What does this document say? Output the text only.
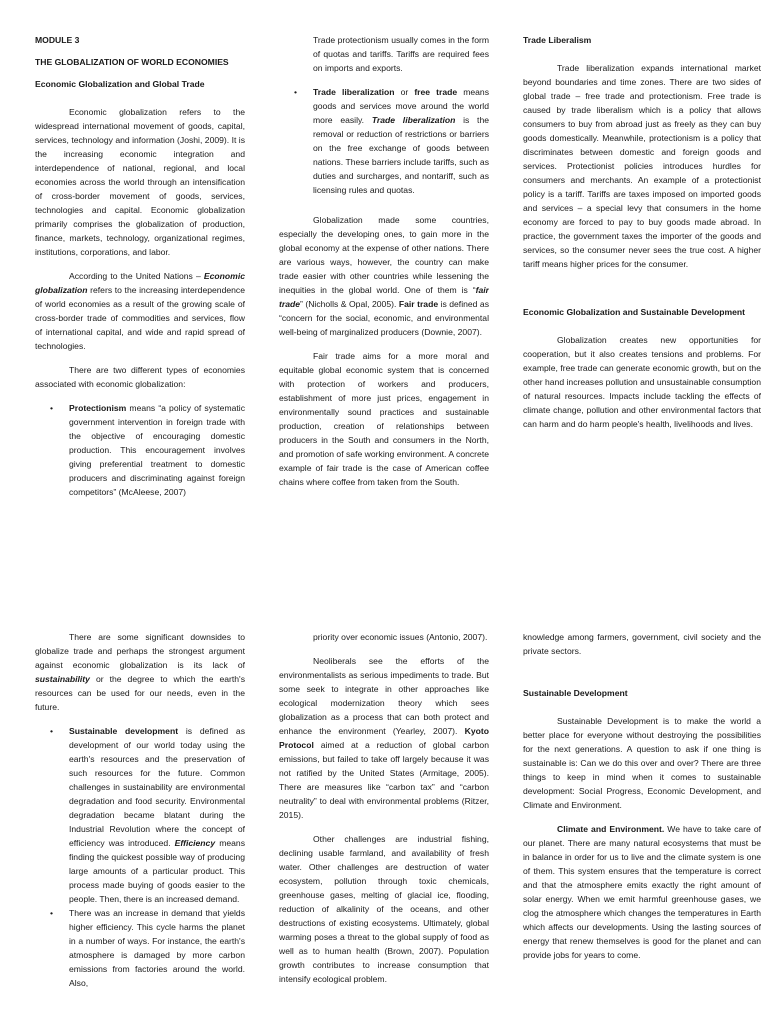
MODULE 3
THE GLOBALIZATION OF WORLD ECONOMIES
Economic Globalization and Global Trade

Economic globalization refers to the widespread international movement of goods, capital, services, technology and information (Joshi, 2009). It is the increasing economic integration and interdependence of national, regional, and local economies across the world through an intensification of cross-border movement of goods, services, technologies and capital. Economic globalization primarily comprises the globalization of production, finance, markets, technology, organizational regimes, institutions, corporations, and labor.

According to the United Nations – Economic globalization refers to the increasing interdependence of world economies as a result of the growing scale of cross-border trade of commodities and services, flow of international capital, and wide and rapid spread of technologies.

There are two different types of economies associated with economic globalization:

• Protectionism means “a policy of systematic government intervention in foreign trade with the objective of encouraging domestic production. This encouragement involves giving preferential treatment to domestic producers and discriminating against foreign competitors” (McAleese, 2007)

Trade protectionism usually comes in the form of quotas and tariffs. Tariffs are required fees on imports and exports.

• Trade liberalization or free trade means goods and services move around the world more easily. Trade liberalization is the removal or reduction of restrictions or barriers on the free exchange of goods between nations. These barriers include tariffs, such as duties and surcharges, and nontariff, such as licensing rules and quotas.

Globalization made some countries, especially the developing ones, to gain more in the global economy at the expense of other nations. There are various ways, however, the country can make trade easier with other countries while lessening the inequities in the global world. One of them is “fair trade” (Nicholls & Opal, 2005). Fair trade is defined as “concern for the social, economic, and environmental well-being of marginalized producers (Downie, 2007).

Fair trade aims for a more moral and equitable global economic system that is concerned with protection of workers and producers, establishment of more just prices, engagement in environmentally sound practices and sustainable production, creation of relationships between producers in the South and consumers in the North, and promotion of safe working environment. A concrete example of fair trade is the case of American coffee chains where coffee from taken from the South.

Trade Liberalism

Trade liberalization expands international market beyond boundaries and time zones. There are two sides of global trade – free trade and protectionism. Free trade is caused by trade liberalism which is a policy that allows consumers to buy from abroad just as freely as they can buy goods domestically. Meanwhile, protectionism is a policy that discriminates between domestic and foreign goods and services. Protectionist policies introduces hurdles for consumers and merchants. An example of a protectionist policy is a tariff. Tariffs are taxes imposed on imported goods and services – a special levy that consumers in the home economy are forced to pay to buy goods made abroad. In practice, the government taxes the importer of the goods and services, so the consumer never sees the true cost. A higher tariff means higher prices for the consumer.

Economic Globalization and Sustainable Development

Globalization creates new opportunities for cooperation, but it also creates tensions and problems. For example, free trade can generate economic growth, but on the other hand increases pollution and unsustainable consumption of natural resources. Impacts include tackling the effects of climate change, pollution and other environmental factors that can harm and do harm people's health, livelihoods and lives.

There are some significant downsides to globalize trade and perhaps the strongest argument against economic globalization is its lack of sustainability or the degree to which the earth's resources can be used for our needs, even in the future.

• Sustainable development is defined as development of our world today using the earth's resources and the preservation of such resources for the future. Common challenges in sustainability are environmental degradation and food security. Environmental degradation became blatant during the Industrial Revolution where the concept of efficiency was introduced. Efficiency means finding the quickest possible way of producing large amounts of a particular product. This process made buying of goods easier to the people. Then, there is an increased demand.
• There was an increase in demand that yields higher efficiency. This cycle harms the planet in a number of ways. For instance, the earth's atmosphere is damaged by more carbon emissions from factories around the world. Also,

priority over economic issues (Antonio, 2007).

Neoliberals see the efforts of the environmentalists as serious impediments to trade. But some seek to integrate in other approaches like ecological modernization theory which sees globalization as a process that can both protect and enhance the environment (Yearley, 2007). Kyoto Protocol aimed at a reduction of global carbon emissions, but failed to take off largely because it was not ratified by the United States (Armitage, 2005). There are measures like “carbon tax” and “carbon neutrality” to deal with environmental problems (Ritzer, 2015).

Other challenges are industrial fishing, declining usable farmland, and availability of fresh water. Other challenges are destruction of water ecosystem, pollution through toxic chemicals, greenhouse gases, melting of glacial ice, flooding, reduction of alkalinity of the oceans, and other destructions of existing ecosystems. Ultimately, global warming poses a threat to the global supply of food as well as to human health (Brown, 2007). Population growth contributes to increase consumption that intensify ecological problem.

knowledge among farmers, government, civil society and the private sectors.

Sustainable Development

Sustainable Development is to make the world a better place for everyone without destroying the possibilities for the next generations. A question to ask if one thing is sustainable is: Can we do this over and over? There are three things to keep in mind when it comes to sustainable development: Social Progress, Economic Development, and Climate and Environment.

Climate and Environment. We have to take care of our planet. There are many natural ecosystems that must be in balance in order for us to live and the climate system is one of them. This system ensures that the temperature is correct and that the atmosphere emits exactly the right amount of solar energy. When we emit harmful greenhouse gases, we clog the atmosphere which changes the temperatures in Earth which affects our developments. Using the lasting sources of energy that renew themselves is good for the planet and can provide jobs for years to come.
